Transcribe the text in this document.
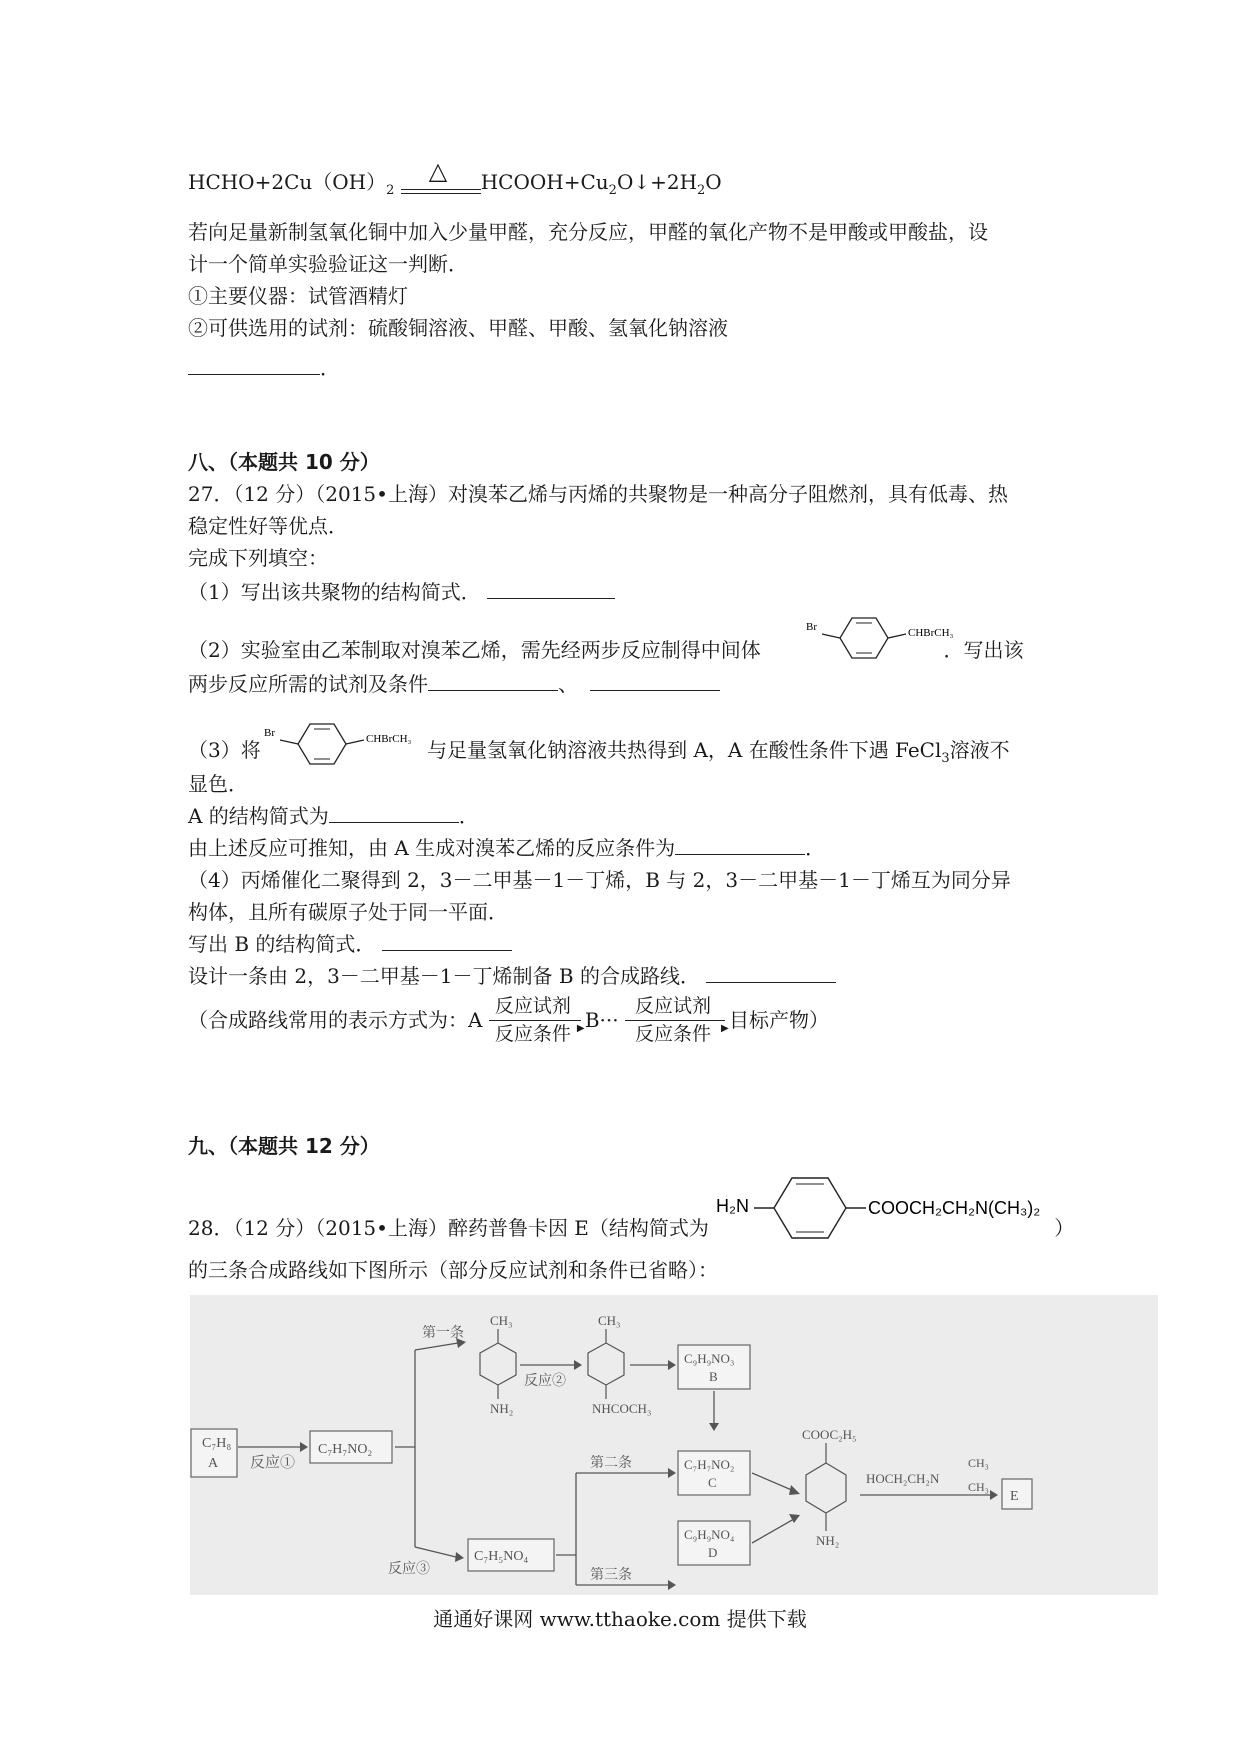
$HCHO+2Cu(OH)_2$
△ $HCOOH+Cu_2O↓+2H_2O$
若向足量新制氢氧化铜中加入少量甲醛，充分反应，甲醛的氧化产物不是甲酸或甲酸盐，设
计一个简单实验验证这一判断．
①主要仪器：试管酒精灯
②可供选用的试剂：硫酸铜溶液、甲醛、甲酸、氢氧化钠溶液
．
八、（本题共 10 分）
27．（12 分）（2015•上海）对溴苯乙烯与丙烯的共聚物是一种高分子阻燃剂，具有低毒、热
稳定性好等优点．
完成下列填空：
（1）写出该共聚物的结构简式．
（2）实验室由乙苯制取对溴苯乙烯，需先经两步反应制得中间体	．写出该
Br	CHBrCH₃
两步反应所需的试剂及条件	、
（3）将	与足量氢氧化钠溶液共热得到 A，A 在酸性条件下遇 FeCl$_3$溶液不
Br	CHBrCH₃
显色．
A 的结构简式为	．
由上述反应可推知，由 A 生成对溴苯乙烯的反应条件为	．
（4）丙烯催化二聚得到 2，3－二甲基－1－丁烯，B 与 2，3－二甲基－1－丁烯互为同分异
构体，且所有碳原子处于同一平面．
写出 B 的结构简式．
设计一条由 2，3－二甲基－1－丁烯制备 B 的合成路线．
（合成路线常用的表示方式为：A
反应试剂
▶
反应条件
B···
反应试剂
▶
反应条件
目标产物）
九、（本题共 12 分）
H₂N	COOCH₂CH₂N(CH₃)₂
28．（12 分）（2015•上海）醉药普鲁卡因 E（结构简式为	）
的三条合成路线如下图所示（部分反应试剂和条件已省略）：
C₇H₈
A 反应①
C₇H₇NO₂
第一条
CH₃
NH₂
反应②
CH₃
NHCOCH₃
C₉H₉NO₃
B
反应③
C₇H₅NO₄
第二条
第三条
C₇H₇NO₂
C
C₉H₉NO₄
D
COOC₂H₅
NH₂
HOCH₂CH₂N
CH₃
CH₃
E
通通好课网 www.tthaoke.com 提供下载
